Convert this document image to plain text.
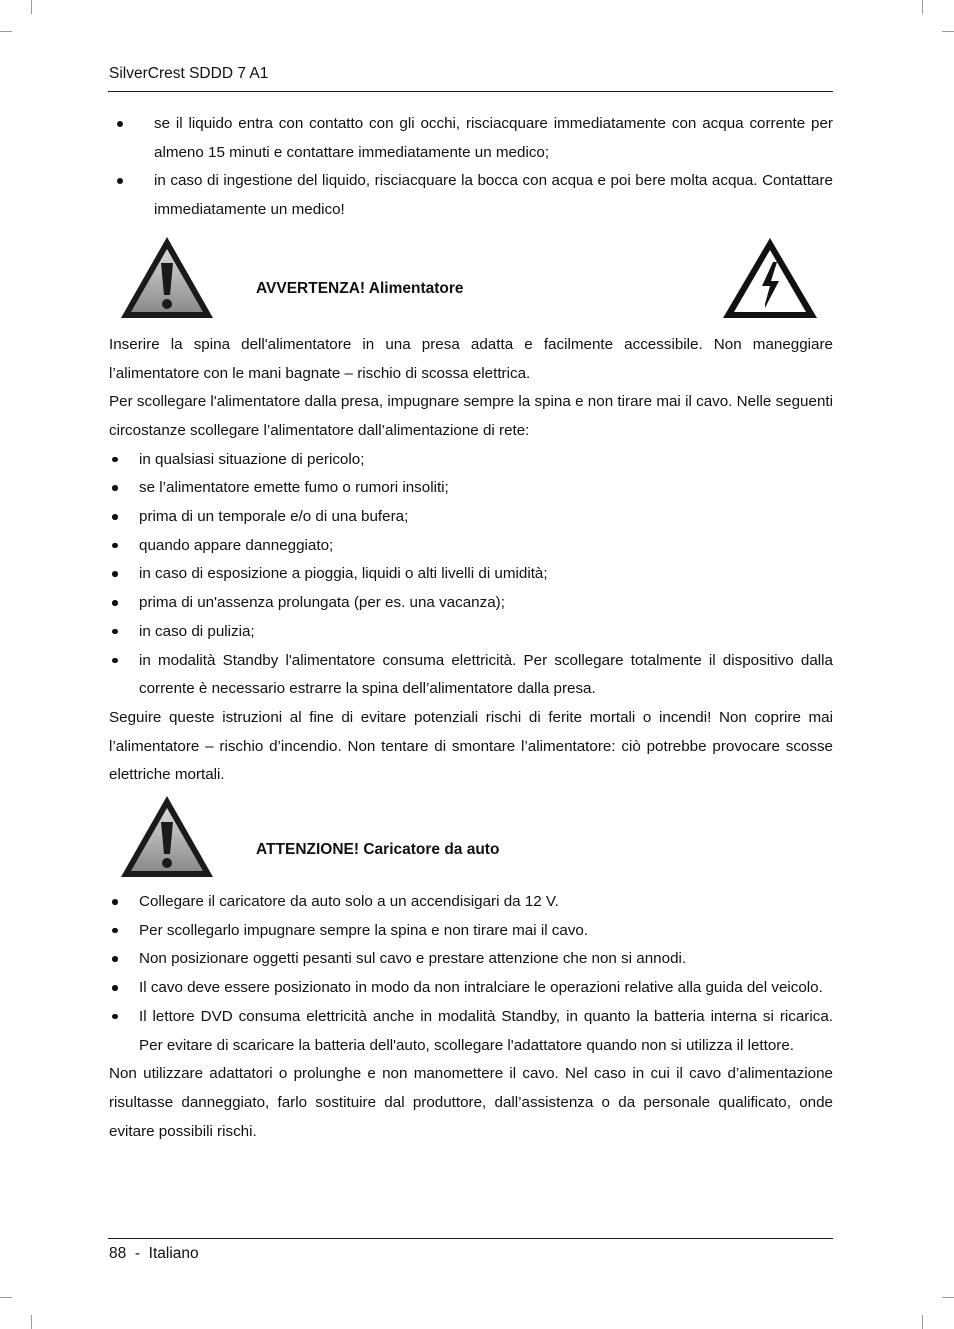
SilverCrest SDDD 7 A1
se il liquido entra con contatto con gli occhi, risciacquare immediatamente con acqua corrente per almeno 15 minuti e contattare immediatamente un medico;
in caso di ingestione del liquido, risciacquare la bocca con acqua e poi bere molta acqua. Contattare immediatamente un medico!
AVVERTENZA! Alimentatore

Inserire la spina dell'alimentatore in una presa adatta e facilmente accessibile. Non maneggiare l’alimentatore con le mani bagnate – rischio di scossa elettrica.

Per scollegare l'alimentatore dalla presa, impugnare sempre la spina e non tirare mai il cavo. Nelle seguenti circostanze scollegare l’alimentatore dall’alimentazione di rete:

in qualsiasi situazione di pericolo;
se l’alimentatore emette fumo o rumori insoliti;
prima di un temporale e/o di una bufera;
quando appare danneggiato;
in caso di esposizione a pioggia, liquidi o alti livelli di umidità;
prima di un'assenza prolungata (per es. una vacanza);
in caso di pulizia;
in modalità Standby l'alimentatore consuma elettricità. Per scollegare totalmente il dispositivo dalla corrente è necessario estrarre la spina dell’alimentatore dalla presa.

Seguire queste istruzioni al fine di evitare potenziali rischi di ferite mortali o incendi! Non coprire mai l’alimentatore – rischio d’incendio. Non tentare di smontare l’alimentatore: ciò potrebbe provocare scosse elettriche mortali.

ATTENZIONE! Caricatore da auto
Collegare il caricatore da auto solo a un accendisigari da 12 V.
Per scollegarlo impugnare sempre la spina e non tirare mai il cavo.
Non posizionare oggetti pesanti sul cavo e prestare attenzione che non si annodi.
Il cavo deve essere posizionato in modo da non intralciare le operazioni relative alla guida del veicolo.
Il lettore DVD consuma elettricità anche in modalità Standby, in quanto la batteria interna si ricarica. Per evitare di scaricare la batteria dell'auto, scollegare l'adattatore quando non si utilizza il lettore.

Non utilizzare adattatori o prolunghe e non manomettere il cavo. Nel caso in cui il cavo d’alimentazione risultasse danneggiato, farlo sostituire dal produttore, dall’assistenza o da personale qualificato, onde evitare possibili rischi.

88 - Italiano
